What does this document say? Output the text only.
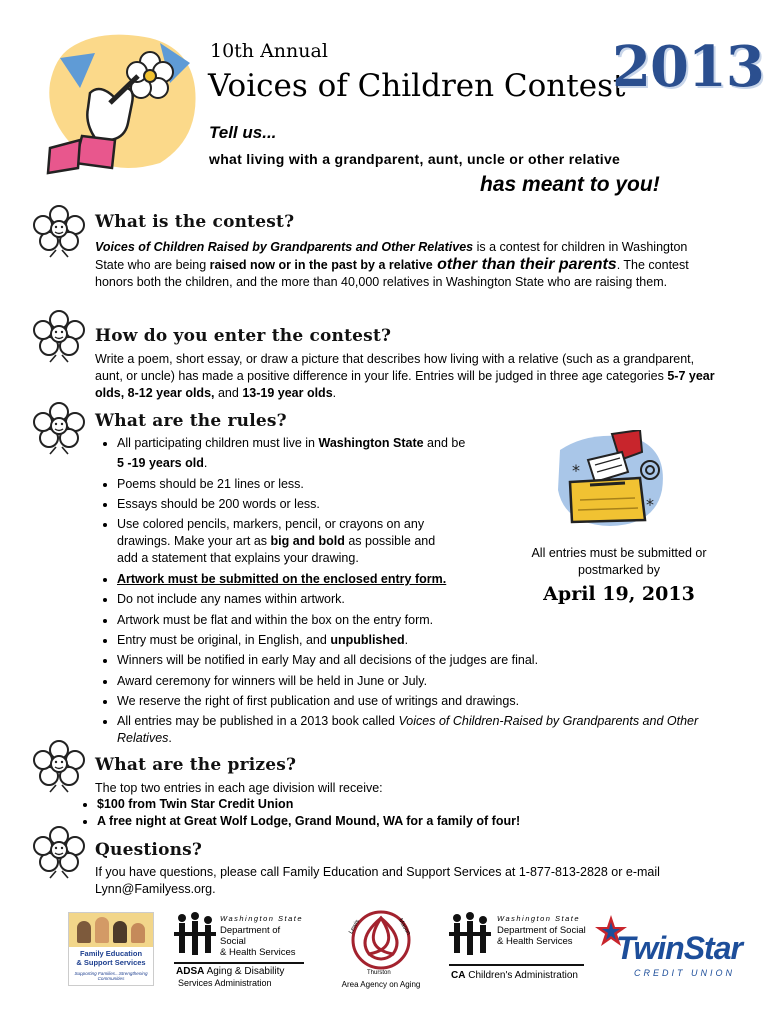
10th Annual
Voices of Children Contest
2013
Tell us...
what living with a grandparent, aunt, uncle or other relative
has meant to you!
What is the contest?
Voices of Children Raised by Grandparents and Other Relatives is a contest for children in Washington State who are being raised now or in the past by a relative other than their parents. The contest honors both the children, and the more than 40,000 relatives in Washington State who are raising them.
How do you enter the contest?
Write a poem, short essay, or draw a picture that describes how living with a relative (such as a grandparent, aunt, or uncle) has made a positive difference in your life. Entries will be judged in three age categories 5-7 year olds, 8-12 year olds, and 13-19 year olds.
What are the rules?
• All participating children must live in Washington State and be
5 -19 years old.
• Poems should be 21 lines or less.
• Essays should be 200 words or less.
• Use colored pencils, markers, pencil, or crayons on any drawings. Make your art as big and bold as possible and add a statement that explains your drawing.
• Artwork must be submitted on the enclosed entry form.
• Do not include any names within artwork.
• Artwork must be flat and within the box on the entry form.
• Entry must be original, in English, and unpublished.
• Winners will be notified in early May and all decisions of the judges are final.
• Award ceremony for winners will be held in June or July.
• We reserve the right of first publication and use of writings and drawings.
• All entries may be published in a 2013 book called Voices of Children-Raised by Grandparents and Other Relatives.
*
*
All entries must be submitted or postmarked by
April 19, 2013
What are the prizes?
The top two entries in each age division will receive:
• $100 from Twin Star Credit Union
• A free night at Great Wolf Lodge, Grand Mound, WA for a family of four!
Questions?
If you have questions, please call Family Education and Support Services at 1-877-813-2828 or e-mail Lynn@Familyess.org.
Family Education
& Support Services
Supporting Families...Strengthening Communities
Washington State
Department of Social
& Health Services
ADSA Aging & Disability
Services Administration
Lewis	Mason
Thurston
Area Agency on Aging
Washington State
Department of Social
& Health Services
CA Children's Administration
TwinStar
CREDIT UNION
